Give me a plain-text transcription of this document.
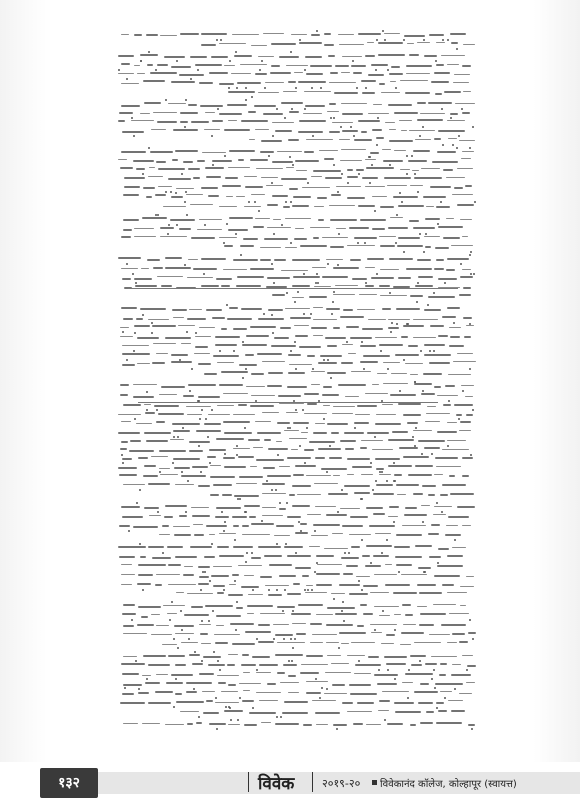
१३२	विवेक	२०१९-२० विवेकानंद कॉलेज, कोल्हापूर (स्वायत्त)
